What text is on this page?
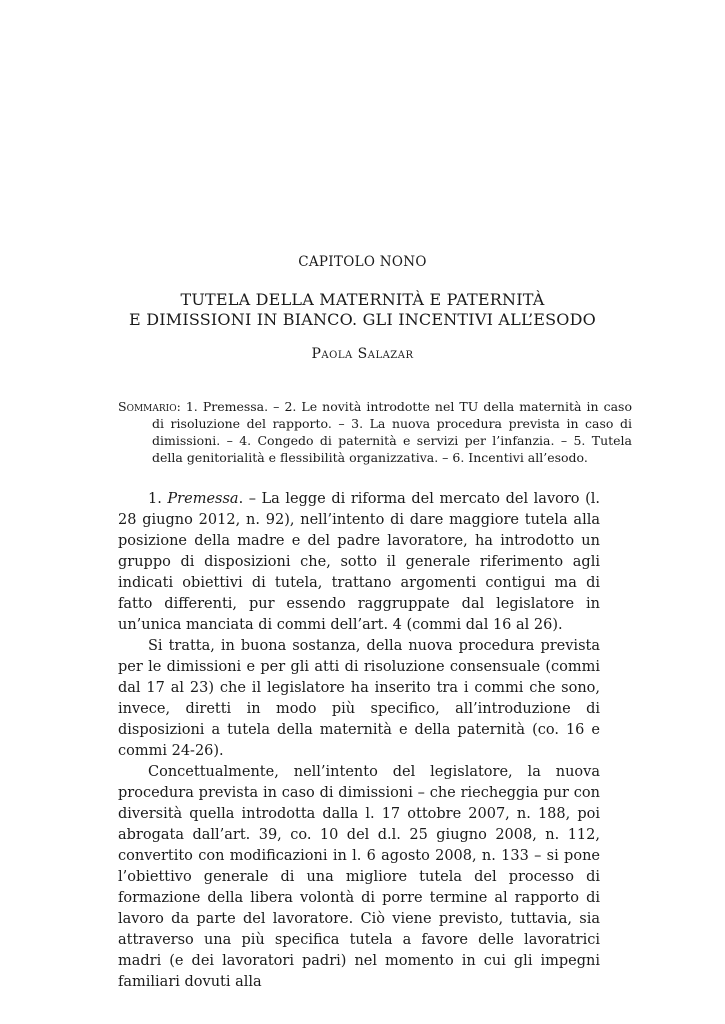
CAPITOLO NONO
TUTELA DELLA MATERNITÀ E PATERNITÀ
E DIMISSIONI IN BIANCO. GLI INCENTIVI ALL’ESODO
Paola Salazar
Sommario: 1. Premessa. – 2. Le novità introdotte nel TU della maternità in caso di risoluzione del rapporto. – 3. La nuova procedura prevista in caso di dimissioni. – 4. Congedo di paternità e servizi per l’infanzia. – 5. Tutela della genitorialità e flessibilità organizzativa. – 6. Incentivi all’esodo.

1. Premessa. – La legge di riforma del mercato del lavoro (l. 28 giugno 2012, n. 92), nell’intento di dare maggiore tutela alla posizione della madre e del padre lavoratore, ha introdotto un gruppo di disposizioni che, sotto il generale riferimento agli indicati obiettivi di tutela, trattano argomenti contigui ma di fatto differenti, pur essendo raggruppate dal legislatore in un’unica manciata di commi dell’art. 4 (commi dal 16 al 26).

Si tratta, in buona sostanza, della nuova procedura prevista per le dimissioni e per gli atti di risoluzione consensuale (commi dal 17 al 23) che il legislatore ha inserito tra i commi che sono, invece, diretti in modo più specifico, all’introduzione di disposizioni a tutela della maternità e della paternità (co. 16 e commi 24-26).

Concettualmente, nell’intento del legislatore, la nuova procedura prevista in caso di dimissioni – che riecheggia pur con diversità quella introdotta dalla l. 17 ottobre 2007, n. 188, poi abrogata dall’art. 39, co. 10 del d.l. 25 giugno 2008, n. 112, convertito con modificazioni in l. 6 agosto 2008, n. 133 – si pone l’obiettivo generale di una migliore tutela del processo di formazione della libera volontà di porre termine al rapporto di lavoro da parte del lavoratore. Ciò viene previsto, tuttavia, sia attraverso una più specifica tutela a favore delle lavoratrici madri (e dei lavoratori padri) nel momento in cui gli impegni familiari dovuti alla
